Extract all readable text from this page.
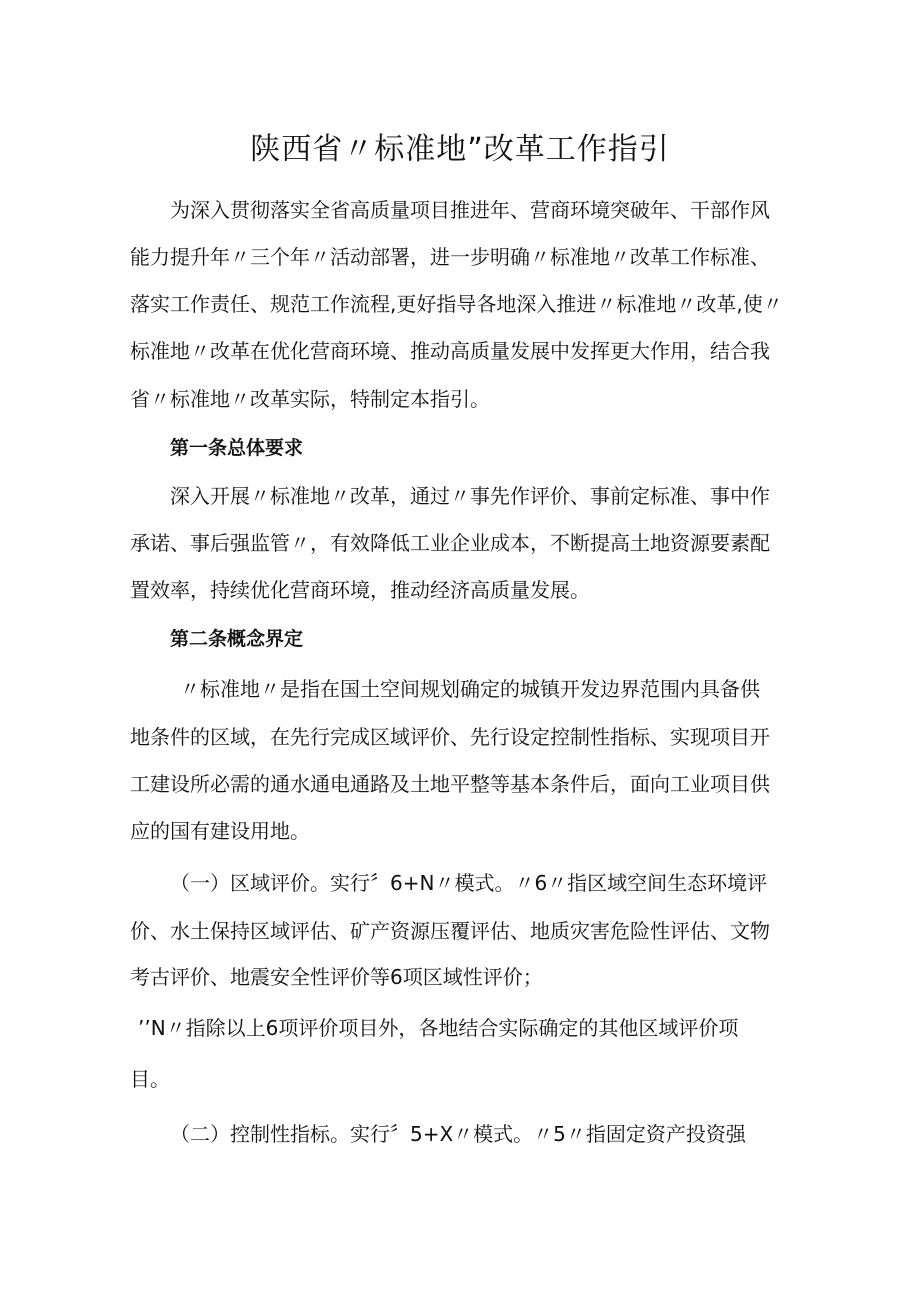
陕西省〃标准地”改革工作指引

为深入贯彻落实全省高质量项目推进年、营商环境突破年、干部作风

能力提升年〃三个年〃活动部署，进一步明确〃标准地〃改革工作标准、

落实工作责任、规范工作流程,更好指导各地深入推进〃标准地〃改革,使〃

标准地〃改革在优化营商环境、推动高质量发展中发挥更大作用，结合我

省〃标准地〃改革实际，特制定本指引。

第一条总体要求

深入开展〃标准地〃改革，通过〃事先作评价、事前定标准、事中作

承诺、事后强监管〃，有效降低工业企业成本，不断提高土地资源要素配

置效率，持续优化营商环境，推动经济高质量发展。

第二条概念界定

〃标准地〃是指在国土空间规划确定的城镇开发边界范围内具备供

地条件的区域，在先行完成区域评价、先行设定控制性指标、实现项目开

工建设所必需的通水通电通路及土地平整等基本条件后，面向工业项目供

应的国有建设用地。

（一）区域评价。实行〞6+N〃模式。〃6〃指区域空间生态环境评

价、水土保持区域评估、矿产资源压覆评估、地质灾害危险性评估、文物

考古评价、地震安全性评价等6项区域性评价；

’’N〃指除以上6项评价项目外，各地结合实际确定的其他区域评价项

目。

（二）控制性指标。实行〞5+X〃模式。〃5〃指固定资产投资强
